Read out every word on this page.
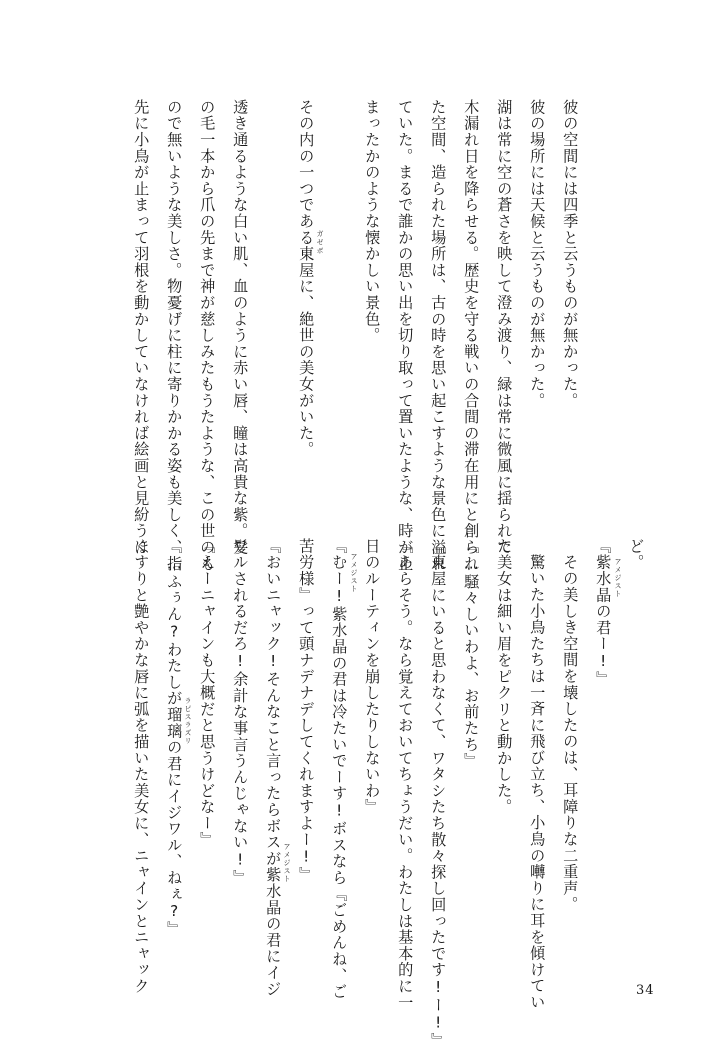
彼の空間には四季と云うものが無かった。
彼の場所には天候と云うものが無かった。
湖は常に空の蒼さを映して澄み渡り、緑は常に微風に揺られて
木漏れ日を降らせる。歴史を守る戦いの合間の滞在用にと創られ
た空間、造られた場所は、古の時を思い起こすような景色に溢れ
ていた。まるで誰かの思い出を切り取って置いたような、時が止
まったかのような懐かしい景色。
その内の一つである東屋に、絶世の美女がいた。
透き通るような白い肌、血のように赤い唇、瞳は高貴な紫。髪
の毛一本から爪の先まで神が慈しみたもうたような、この世のも
ので無いような美しさ。物憂げに柱に寄りかかる姿も美しく、指
先に小鳥が止まって羽根を動かしていなければ絵画と見紛うほ	ど。
『紫水晶の君ー!』
その美しき空間を壊したのは、耳障りな二重声。
驚いた小鳥たちは一斉に飛び立ち、小鳥の囀りに耳を傾けてい
た美女は細い眉をピクリと動かした。
『…騒々しいわよ、お前たち』
『東屋にいると思わなくて、ワタシたち散々探し回ったです!ー!』
『あらそう。なら覚えておいてちょうだい。わたしは基本的に一
日のルーティンを崩したりしないわ』
『むー!紫水晶の君は冷たいでーす!ボスなら『ごめんね、ご
苦労様』って頭ナデナデしてくれますよー!』
『おいニャック!そんなこと言ったらボスが紫水晶の君にイジ
ワルされるだろ!余計な事言うんじゃない!』
『えーニャインも大概だと思うけどなー』
『…ふぅん?わたしが瑠璃の君にイジワル、ねぇ?』
くすりと艶やかな唇に弧を描いた美女に、ニャインとニャック
ガゼボ
アメジスト
アメジスト
アメジスト
ラピスラズリ
34
